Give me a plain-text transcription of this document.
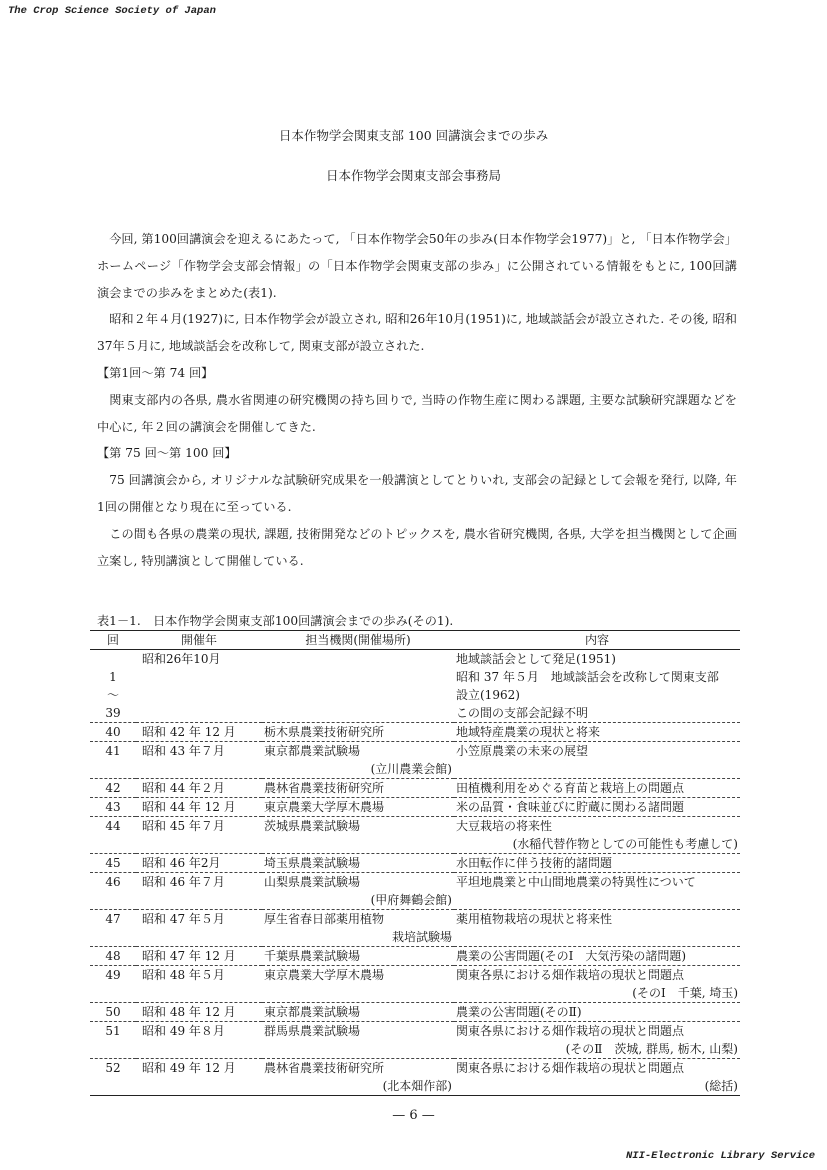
The Crop Science Society of Japan
日本作物学会関東支部 100 回講演会までの歩み
日本作物学会関東支部会事務局

今回, 第100回講演会を迎えるにあたって, 「日本作物学会50年の歩み(日本作物学会1977)」と, 「日本作物学会」ホームページ「作物学会支部会情報」の「日本作物学会関東支部の歩み」に公開されている情報をもとに, 100回講演会までの歩みをまとめた(表1).

昭和２年４月(1927)に, 日本作物学会が設立され, 昭和26年10月(1951)に, 地域談話会が設立された. その後, 昭和37年５月に, 地域談話会を改称して, 関東支部が設立された.

【第1回〜第 74 回】

関東支部内の各県, 農水省関連の研究機関の持ち回りで, 当時の作物生産に関わる課題, 主要な試験研究課題などを中心に, 年２回の講演会を開催してきた.

【第 75 回〜第 100 回】

75 回講演会から, オリジナルな試験研究成果を一般講演としてとりいれ, 支部会の記録として会報を発行, 以降, 年1回の開催となり現在に至っている.

この間も各県の農業の現状, 課題, 技術開発などのトピックスを, 農水省研究機関, 各県, 大学を担当機関として企画立案し, 特別講演として開催している.

表1－1.　日本作物学会関東支部100回講演会までの歩み(その1).
回	開催年	担当機関(開催場所)	内容
	昭和26年10月		地域談話会として発足(1951)
1			昭和 37 年５月　地域談話会を改称して関東支部
〜			設立(1962)
39			この間の支部会記録不明
40	昭和 42 年 12 月	栃木県農業技術研究所	地域特産農業の現状と将来
41	昭和 43 年７月	東京都農業試験場	小笠原農業の未来の展望
		(立川農業会館)	
42	昭和 44 年２月	農林省農業技術研究所	田植機利用をめぐる育苗と栽培上の問題点
43	昭和 44 年 12 月	東京農業大学厚木農場	米の品質・食味並びに貯蔵に関わる諸問題
44	昭和 45 年７月	茨城県農業試験場	大豆栽培の将来性
			(水稲代替作物としての可能性も考慮して)
45	昭和 46 年2月	埼玉県農業試験場	水田転作に伴う技術的諸問題
46	昭和 46 年７月	山梨県農業試験場	平坦地農業と中山間地農業の特異性について
		(甲府舞鶴会館)	
47	昭和 47 年５月	厚生省春日部薬用植物	薬用植物栽培の現状と将来性
		栽培試験場	
48	昭和 47 年 12 月	千葉県農業試験場	農業の公害問題(そのⅠ　大気汚染の諸問題)
49	昭和 48 年５月	東京農業大学厚木農場	関東各県における畑作栽培の現状と問題点
			(そのⅠ　千葉, 埼玉)
50	昭和 48 年 12 月	東京都農業試験場	農業の公害問題(そのⅡ)
51	昭和 49 年８月	群馬県農業試験場	関東各県における畑作栽培の現状と問題点
			(そのⅡ　茨城, 群馬, 栃木, 山梨)
52	昭和 49 年 12 月	農林省農業技術研究所	関東各県における畑作栽培の現状と問題点
		(北本畑作部)	(総括)
— 6 —
NII-Electronic Library Service
